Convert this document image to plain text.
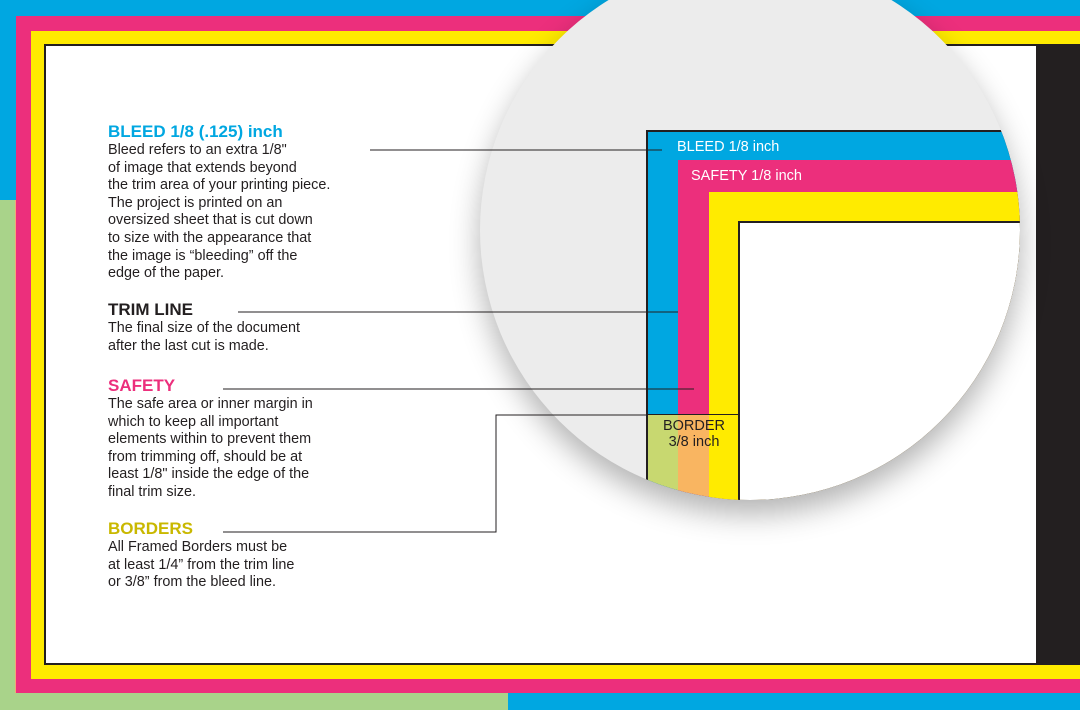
BLEED 1/8 inch
SAFETY 1/8 inch
BORDER
3/8 inch
BLEED 1/8 (.125) inch
Bleed refers to an extra 1/8"
of image that extends beyond
the trim area of your printing piece.
The project is printed on an
oversized sheet that is cut down
to size with the appearance that
the image is “bleeding” off the
edge of the paper.
TRIM LINE
The final size of the document
after the last cut is made.
SAFETY
The safe area or inner margin in
which to keep all important
elements within to prevent them
from trimming off, should be at
least 1/8" inside the edge of the
final trim size.
BORDERS
All Framed Borders must be
at least 1/4” from the trim line
or 3/8” from the bleed line.
